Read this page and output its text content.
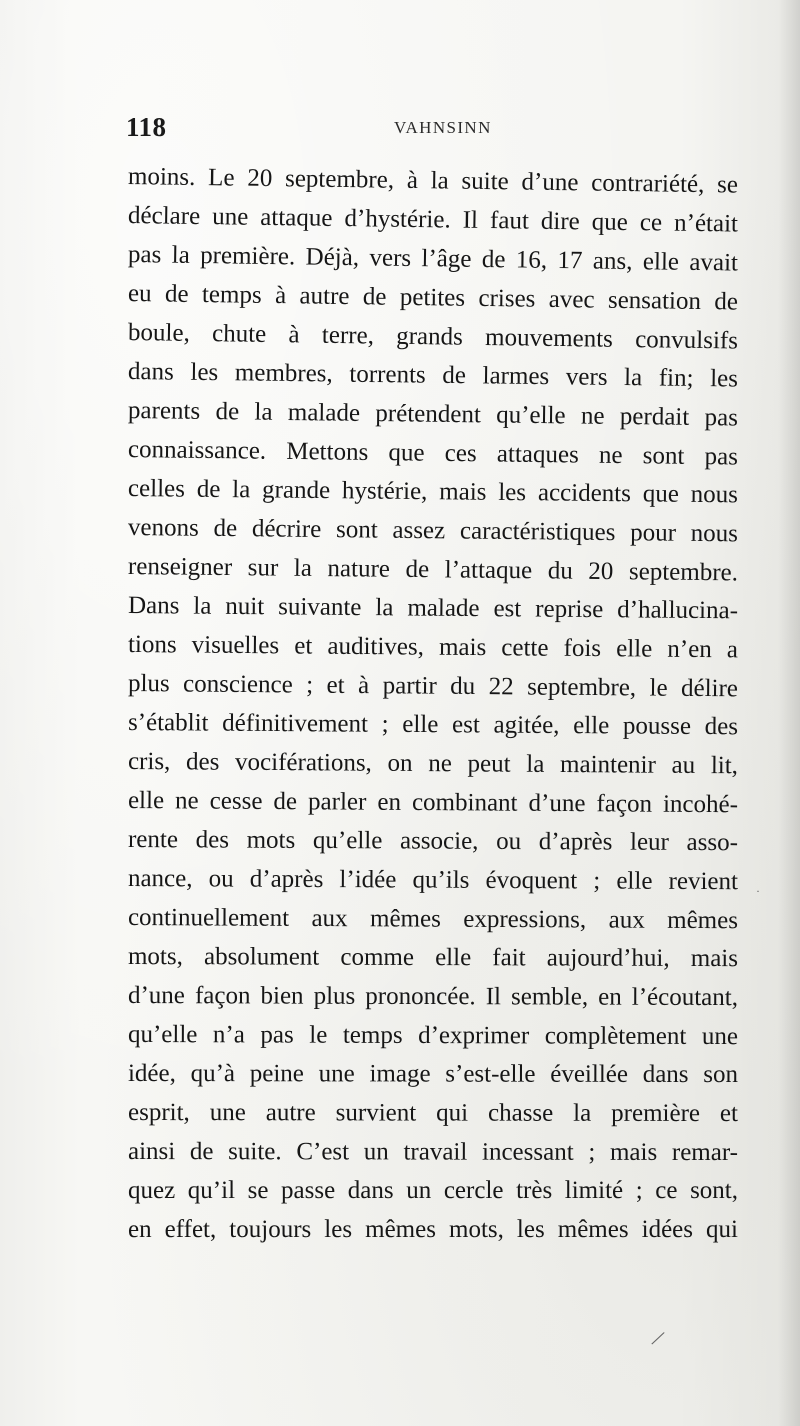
118	VAHNSINN
moins. Le 20 septembre, à la suite d’une contrariété, se
déclare une attaque d’hystérie. Il faut dire que ce n’était
pas la première. Déjà, vers l’âge de 16, 17 ans, elle avait
eu de temps à autre de petites crises avec sensation de
boule, chute à terre, grands mouvements convulsifs
dans les membres, torrents de larmes vers la fin; les
parents de la malade prétendent qu’elle ne perdait pas
connaissance. Mettons que ces attaques ne sont pas
celles de la grande hystérie, mais les accidents que nous
venons de décrire sont assez caractéristiques pour nous
renseigner sur la nature de l’attaque du 20 septembre.
Dans la nuit suivante la malade est reprise d’hallucina-
tions visuelles et auditives, mais cette fois elle n’en a
plus conscience ; et à partir du 22 septembre, le délire
s’établit définitivement ; elle est agitée, elle pousse des
cris, des vociférations, on ne peut la maintenir au lit,
elle ne cesse de parler en combinant d’une façon incohé-
rente des mots qu’elle associe, ou d’après leur asso-
nance, ou d’après l’idée qu’ils évoquent ; elle revient
continuellement aux mêmes expressions, aux mêmes
mots, absolument comme elle fait aujourd’hui, mais
d’une façon bien plus prononcée. Il semble, en l’écoutant,
qu’elle n’a pas le temps d’exprimer complètement une
idée, qu’à peine une image s’est-elle éveillée dans son
esprit, une autre survient qui chasse la première et
ainsi de suite. C’est un travail incessant ; mais remar-
quez qu’il se passe dans un cercle très limité ; ce sont,
en effet, toujours les mêmes mots, les mêmes idées qui
·
/
